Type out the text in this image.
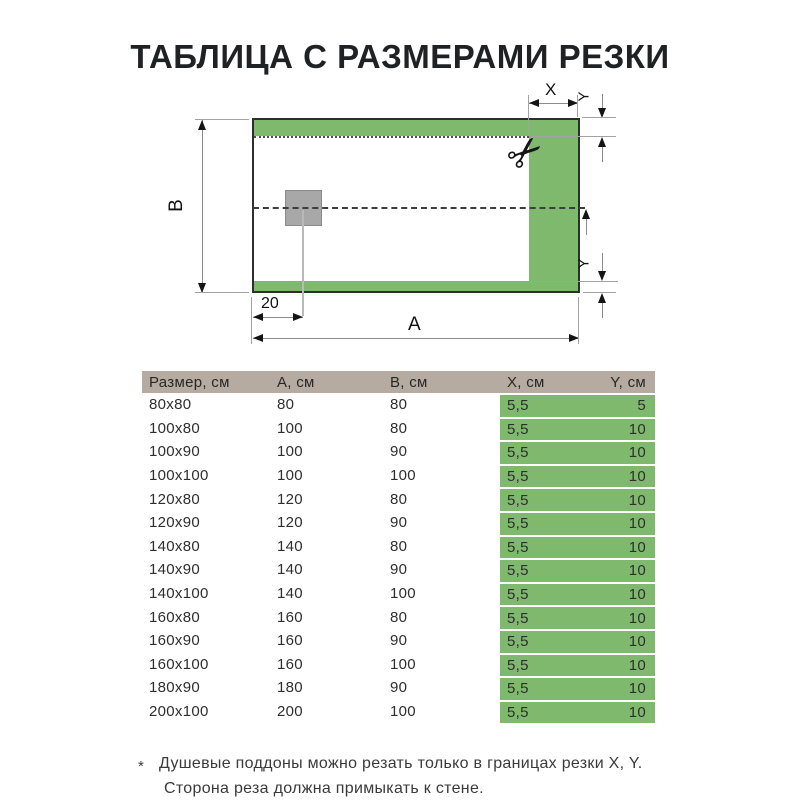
ТАБЛИЦА С РАЗМЕРАМИ РЕЗКИ
✂
B
A
20
X Y
Y
Размер, см	А, см	В, см	X, см	Y, см
80х80	80	80	5,5	5
100х80	100	80	5,5	10
100х90	100	90	5,5	10
100х100	100	100	5,5	10
120х80	120	80	5,5	10
120х90	120	90	5,5	10
140х80	140	80	5,5	10
140х90	140	90	5,5	10
140х100	140	100	5,5	10
160х80	160	80	5,5	10
160х90	160	90	5,5	10
160х100	160	100	5,5	10
180х90	180	90	5,5	10
200х100	200	100	5,5	10
* Душевые поддоны можно резать только в границах резки X, Y.
Сторона реза должна примыкать к стене.
